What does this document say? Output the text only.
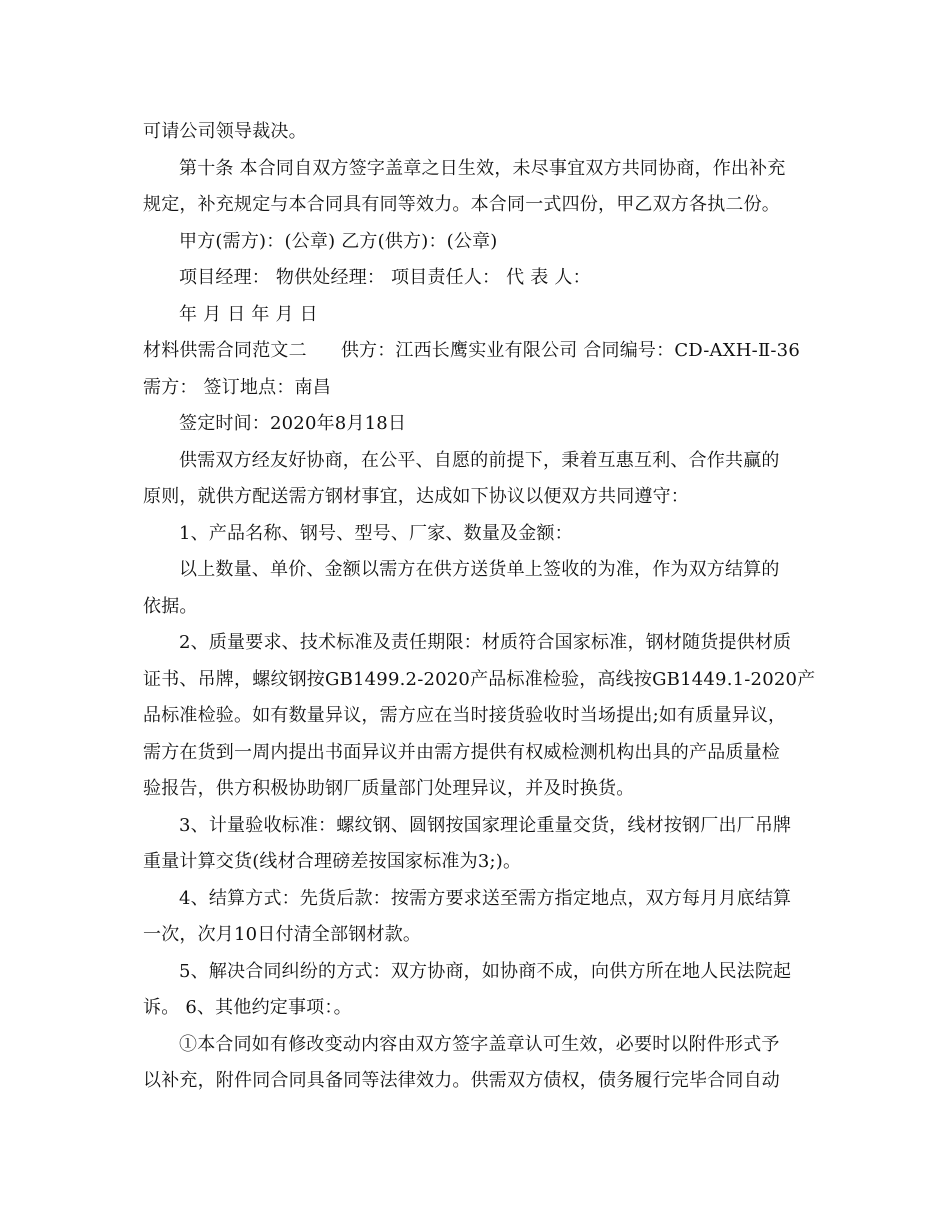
可请公司领导裁决。
第十条 本合同自双方签字盖章之日生效，未尽事宜双方共同协商，作出补充
规定，补充规定与本合同具有同等效力。本合同一式四份，甲乙双方各执二份。
甲方(需方)：(公章) 乙方(供方)：(公章)
项目经理： 物供处经理： 项目责任人： 代 表 人：
年 月 日 年 月 日
材料供需合同范文二 供方：江西长鹰实业有限公司 合同编号：CD-AXH-Ⅱ-36
需方： 签订地点：南昌
签定时间：2020年8月18日
供需双方经友好协商，在公平、自愿的前提下，秉着互惠互利、合作共赢的
原则，就供方配送需方钢材事宜，达成如下协议以便双方共同遵守：
1、产品名称、钢号、型号、厂家、数量及金额：
以上数量、单价、金额以需方在供方送货单上签收的为准，作为双方结算的
依据。
2、质量要求、技术标准及责任期限：材质符合国家标准，钢材随货提供材质
证书、吊牌，螺纹钢按GB1499.2-2020产品标准检验，高线按GB1449.1-2020产
品标准检验。如有数量异议，需方应在当时接货验收时当场提出;如有质量异议，
需方在货到一周内提出书面异议并由需方提供有权威检测机构出具的产品质量检
验报告，供方积极协助钢厂质量部门处理异议，并及时换货。
3、计量验收标准：螺纹钢、圆钢按国家理论重量交货，线材按钢厂出厂吊牌
重量计算交货(线材合理磅差按国家标准为3;)。
4、结算方式：先货后款：按需方要求送至需方指定地点，双方每月月底结算
一次，次月10日付清全部钢材款。
5、解决合同纠纷的方式：双方协商，如协商不成，向供方所在地人民法院起
诉。 6、其他约定事项：。
①本合同如有修改变动内容由双方签字盖章认可生效，必要时以附件形式予
以补充，附件同合同具备同等法律效力。供需双方债权，债务履行完毕合同自动
